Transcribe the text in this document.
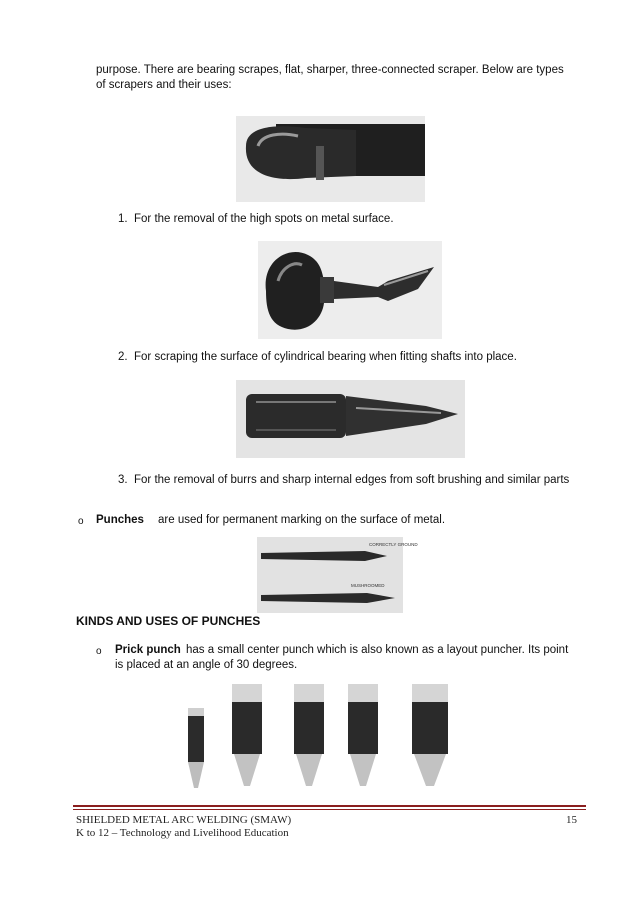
purpose. There are bearing scrapes, flat, sharper, three-connected scraper. Below are types
of scrapers and their uses:
1. For the removal of the high spots on metal surface.
2. For scraping the surface of cylindrical bearing when fitting shafts into place.
3. For the removal of burrs and sharp internal edges from soft brushing and similar parts
o Punches are used for permanent marking on the surface of metal.
CORRECTLY GROUND
MUSHROOMED
KINDS AND USES OF PUNCHES
o Prick punch has a small center punch which is also known as a layout puncher. Its point
is placed at an angle of 30 degrees.
SHIELDED METAL ARC WELDING (SMAW)	15
K to 12 – Technology and Livelihood Education
